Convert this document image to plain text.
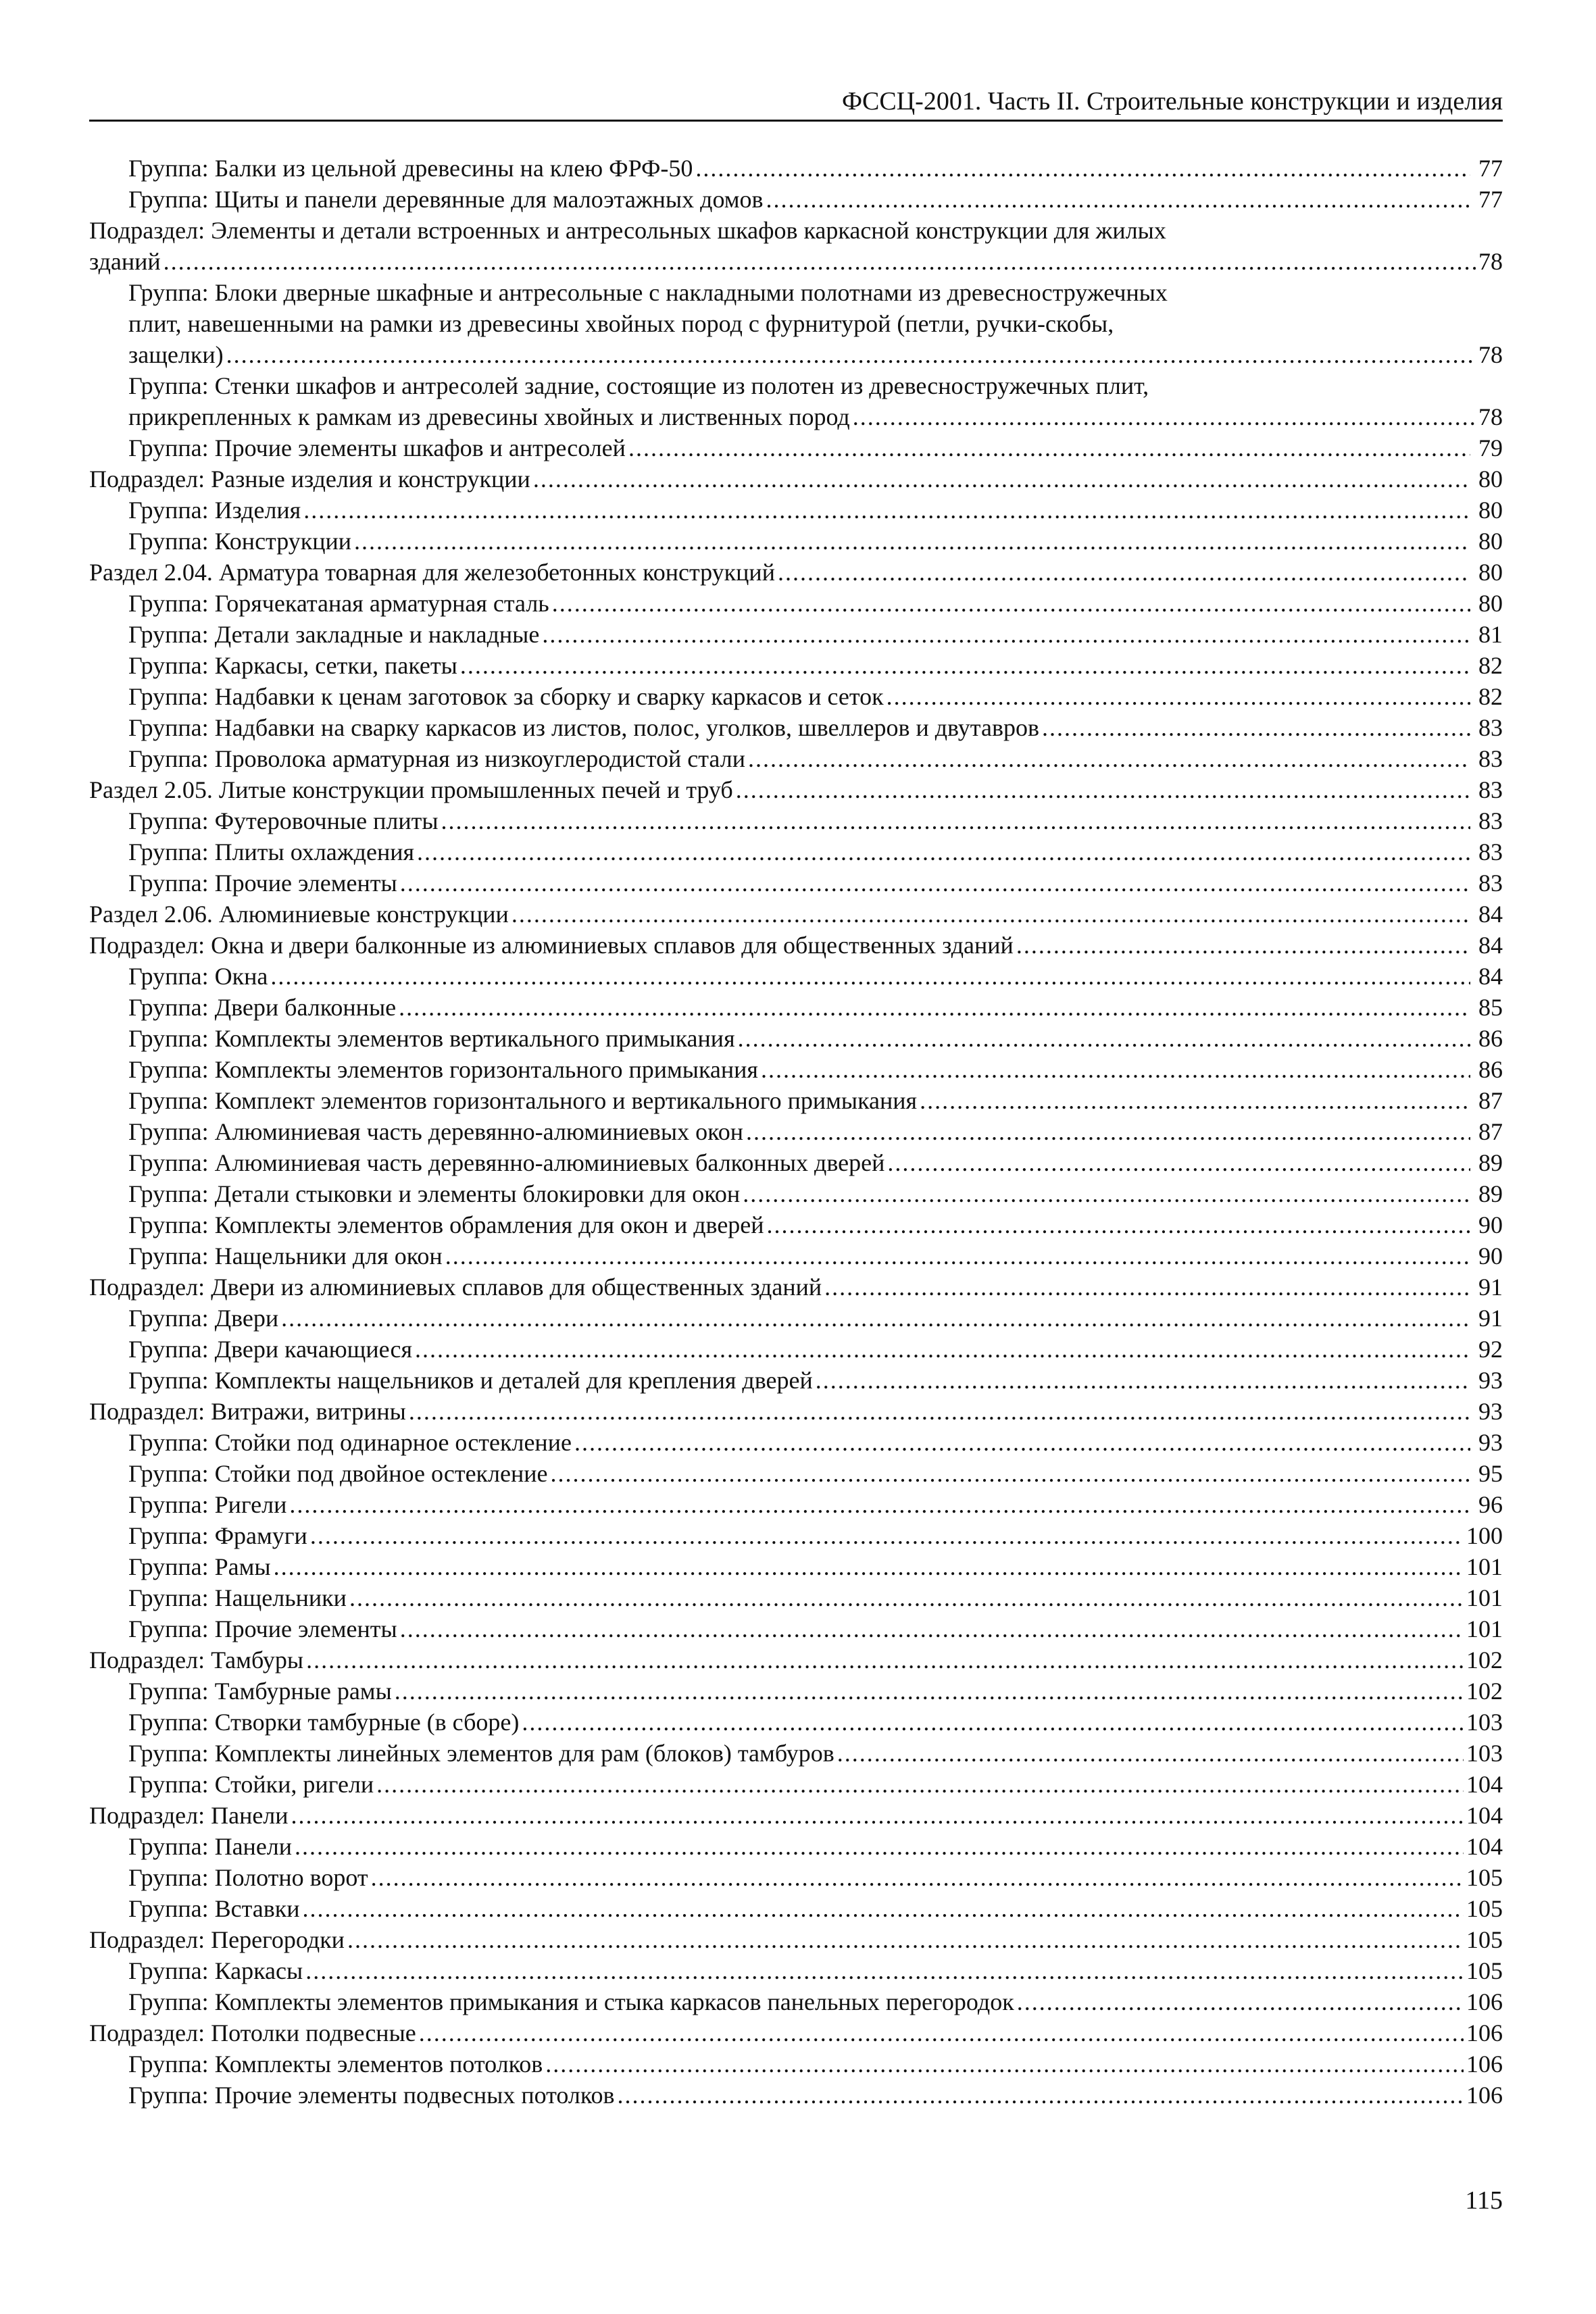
ФССЦ-2001. Часть II. Строительные конструкции и изделия
Группа: Балки из цельной древесины на клею ФРФ-50 .....	77
Группа: Щиты и панели деревянные для малоэтажных домов .....	77
Подраздел: Элементы и детали встроенных и антресольных шкафов каркасной конструкции для жилых
зданий .....	78
Группа: Блоки дверные шкафные и антресольные с накладными полотнами из древесностружечных
плит, навешенными на рамки из древесины хвойных пород с фурнитурой (петли, ручки-скобы,
защелки) .....	78
Группа: Стенки шкафов и антресолей задние, состоящие из полотен из древесностружечных плит,
прикрепленных к рамкам из древесины хвойных и лиственных пород .....	78
Группа: Прочие элементы шкафов и антресолей .....	79
Подраздел: Разные изделия и конструкции .....	80
Группа: Изделия .....	80
Группа: Конструкции .....	80
Раздел 2.04. Арматура товарная для железобетонных конструкций .....	80
Группа: Горячекатаная арматурная сталь .....	80
Группа: Детали закладные и накладные .....	81
Группа: Каркасы, сетки, пакеты .....	82
Группа: Надбавки к ценам заготовок за сборку и сварку каркасов и сеток .....	82
Группа: Надбавки на сварку каркасов из листов, полос, уголков, швеллеров и двутавров .....	83
Группа: Проволока арматурная из низкоуглеродистой стали .....	83
Раздел 2.05. Литые конструкции промышленных печей и труб .....	83
Группа: Футеровочные плиты .....	83
Группа: Плиты охлаждения .....	83
Группа: Прочие элементы .....	83
Раздел 2.06. Алюминиевые конструкции .....	84
Подраздел: Окна и двери балконные из алюминиевых сплавов для общественных зданий .....	84
Группа: Окна .....	84
Группа: Двери балконные .....	85
Группа: Комплекты элементов вертикального примыкания .....	86
Группа: Комплекты элементов горизонтального примыкания .....	86
Группа: Комплект элементов горизонтального и вертикального примыкания .....	87
Группа: Алюминиевая часть деревянно-алюминиевых окон .....	87
Группа: Алюминиевая часть деревянно-алюминиевых балконных дверей .....	89
Группа: Детали стыковки и элементы блокировки для окон .....	89
Группа: Комплекты элементов обрамления для окон и дверей .....	90
Группа: Нащельники для окон .....	90
Подраздел: Двери из алюминиевых сплавов для общественных зданий .....	91
Группа: Двери .....	91
Группа: Двери качающиеся .....	92
Группа: Комплекты нащельников и деталей для крепления дверей .....	93
Подраздел: Витражи, витрины .....	93
Группа: Стойки под одинарное остекление .....	93
Группа: Стойки под двойное остекление .....	95
Группа: Ригели .....	96
Группа: Фрамуги .....	100
Группа: Рамы .....	101
Группа: Нащельники .....	101
Группа: Прочие элементы .....	101
Подраздел: Тамбуры .....	102
Группа: Тамбурные рамы .....	102
Группа: Створки тамбурные (в сборе) .....	103
Группа: Комплекты линейных элементов для рам (блоков) тамбуров .....	103
Группа: Стойки, ригели .....	104
Подраздел: Панели .....	104
Группа: Панели .....	104
Группа: Полотно ворот .....	105
Группа: Вставки .....	105
Подраздел: Перегородки .....	105
Группа: Каркасы .....	105
Группа: Комплекты элементов примыкания и стыка каркасов панельных перегородок .....	106
Подраздел: Потолки подвесные .....	106
Группа: Комплекты элементов потолков .....	106
Группа: Прочие элементы подвесных потолков .....	106
115
